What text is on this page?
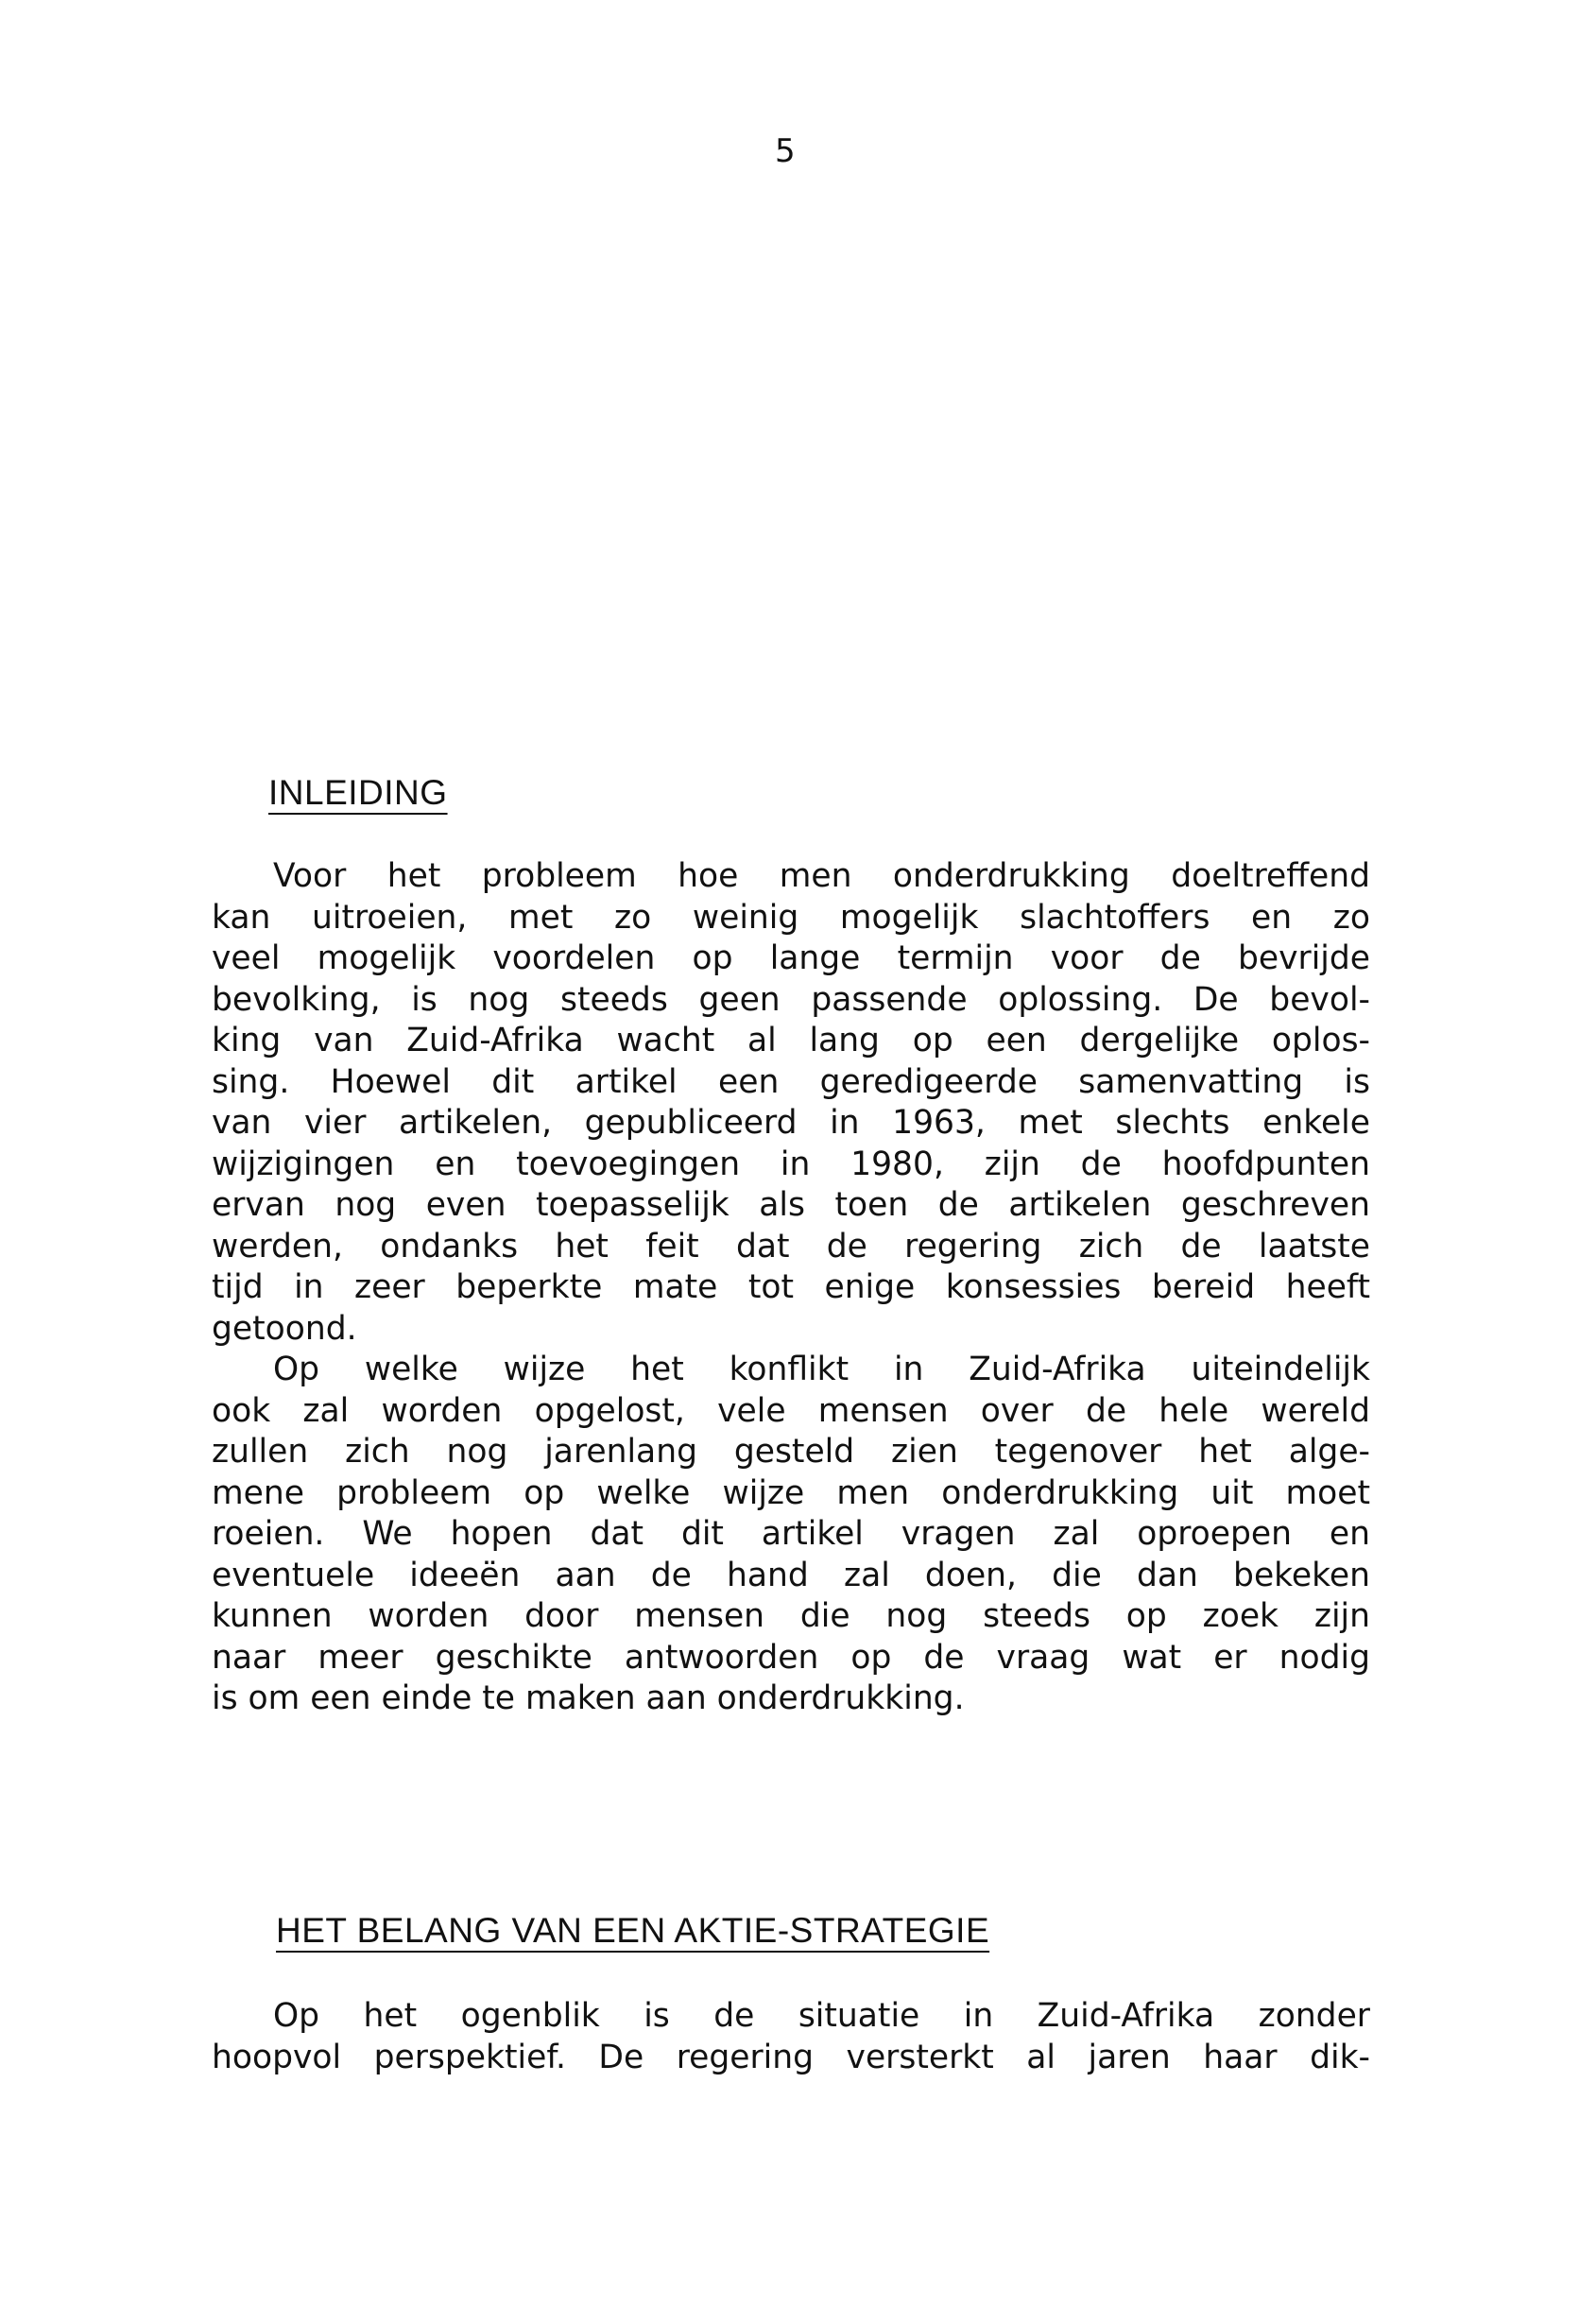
5
INLEIDING
Voor het probleem hoe men onderdrukking doeltreffend
kan uitroeien, met zo weinig mogelijk slachtoffers en zo
veel mogelijk voordelen op lange termijn voor de bevrijde
bevolking, is nog steeds geen passende oplossing. De bevol-
king van Zuid-Afrika wacht al lang op een dergelijke oplos-
sing. Hoewel dit artikel een geredigeerde samenvatting is
van vier artikelen, gepubliceerd in 1963, met slechts enkele
wijzigingen en toevoegingen in 1980, zijn de hoofdpunten
ervan nog even toepasselijk als toen de artikelen geschreven
werden, ondanks het feit dat de regering zich de laatste
tijd in zeer beperkte mate tot enige konsessies bereid heeft
getoond.
Op welke wijze het konflikt in Zuid-Afrika uiteindelijk
ook zal worden opgelost, vele mensen over de hele wereld
zullen zich nog jarenlang gesteld zien tegenover het alge-
mene probleem op welke wijze men onderdrukking uit moet
roeien. We hopen dat dit artikel vragen zal oproepen en
eventuele ideeën aan de hand zal doen, die dan bekeken
kunnen worden door mensen die nog steeds op zoek zijn
naar meer geschikte antwoorden op de vraag wat er nodig
is om een einde te maken aan onderdrukking.
HET BELANG VAN EEN AKTIE-STRATEGIE
Op het ogenblik is de situatie in Zuid-Afrika zonder
hoopvol perspektief. De regering versterkt al jaren haar dik-
